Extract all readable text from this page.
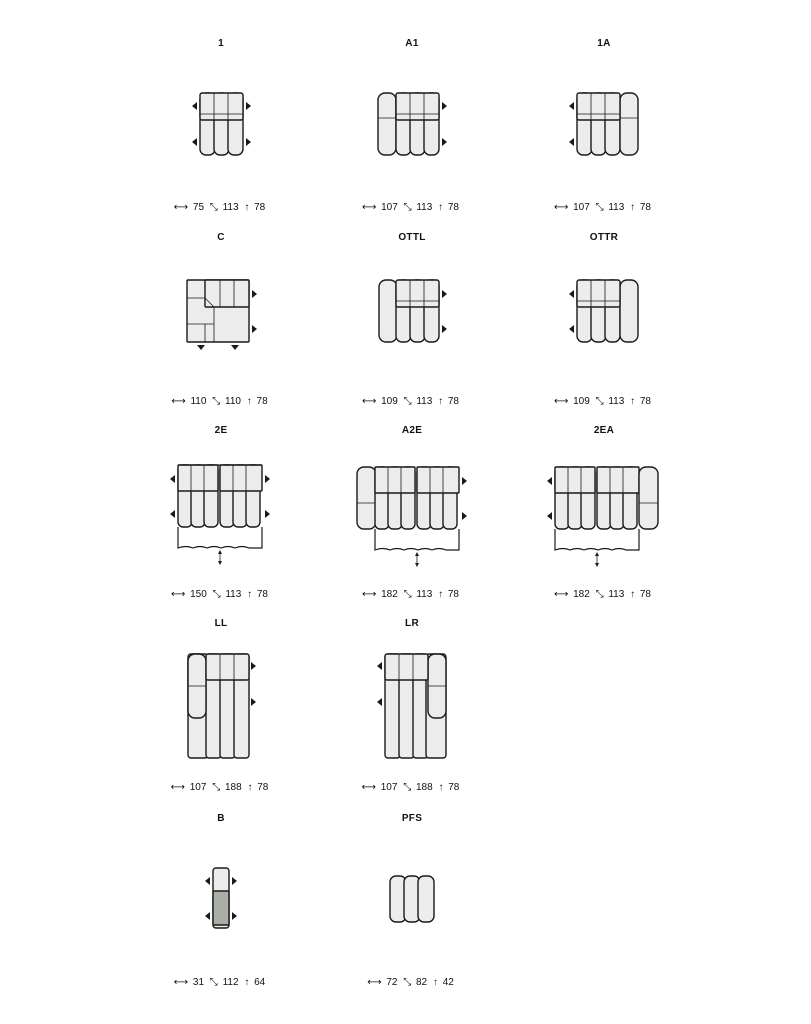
1
⟷ 75 ⤡ 113 ↑ 78
A1
⟷ 107 ⤡ 113 ↑ 78
1A
⟷ 107 ⤡ 113 ↑ 78
C
⟷ 110 ⤡ 110 ↑ 78
OTTL
⟷ 109 ⤡ 113 ↑ 78
OTTR
⟷ 109 ⤡ 113 ↑ 78
2E
⟷ 150 ⤡ 113 ↑ 78
A2E
⟷ 182 ⤡ 113 ↑ 78
2EA
⟷ 182 ⤡ 113 ↑ 78
LL
⟷ 107 ⤡ 188 ↑ 78
LR
⟷ 107 ⤡ 188 ↑ 78
B
⟷ 31 ⤡ 112 ↑ 64
PFS
⟷ 72 ⤡ 82 ↑ 42
